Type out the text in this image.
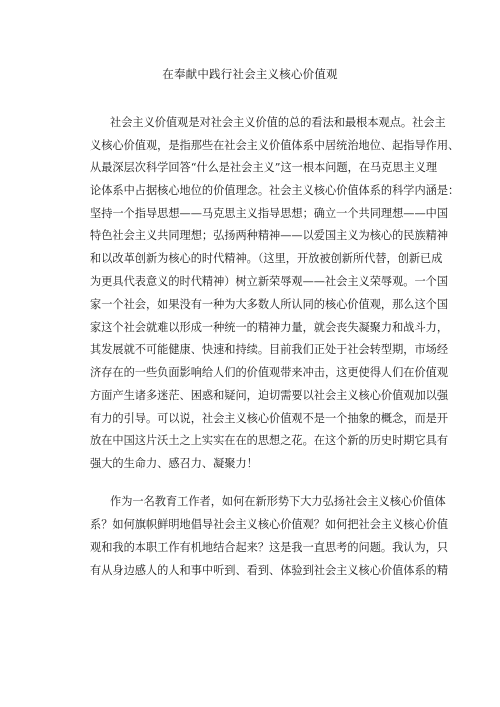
在奉献中践行社会主义核心价值观
社会主义价值观是对社会主义价值的总的看法和最根本观点。社会主
义核心价值观，是指那些在社会主义价值体系中居统治地位、起指导作用、
从最深层次科学回答“什么是社会主义”这一根本问题，在马克思主义理
论体系中占据核心地位的价值理念。社会主义核心价值体系的科学内涵是：
坚持一个指导思想——马克思主义指导思想；确立一个共同理想——中国
特色社会主义共同理想；弘扬两种精神——以爱国主义为核心的民族精神
和以改革创新为核心的时代精神。（这里，开放被创新所代替，创新已成
为更具代表意义的时代精神）树立新荣辱观——社会主义荣辱观。一个国
家一个社会，如果没有一种为大多数人所认同的核心价值观，那么这个国
家这个社会就难以形成一种统一的精神力量，就会丧失凝聚力和战斗力，
其发展就不可能健康、快速和持续。目前我们正处于社会转型期，市场经
济存在的一些负面影响给人们的价值观带来冲击，这更使得人们在价值观
方面产生诸多迷茫、困惑和疑问，迫切需要以社会主义核心价值观加以强
有力的引导。可以说，社会主义核心价值观不是一个抽象的概念，而是开
放在中国这片沃土之上实实在在的思想之花。在这个新的历史时期它具有
强大的生命力、感召力、凝聚力！
作为一名教育工作者，如何在新形势下大力弘扬社会主义核心价值体
系？如何旗帜鲜明地倡导社会主义核心价值观？如何把社会主义核心价值
观和我的本职工作有机地结合起来？这是我一直思考的问题。我认为，只
有从身边感人的人和事中听到、看到、体验到社会主义核心价值体系的精
